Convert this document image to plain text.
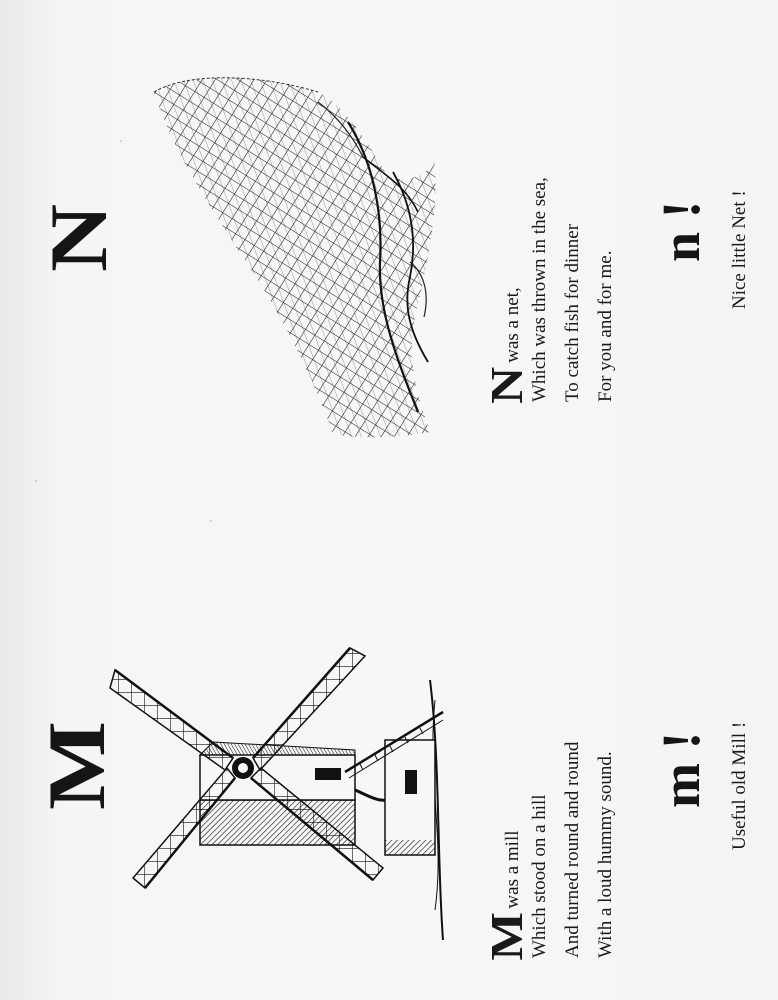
N
Nwas a net, Which was thrown in the sea, To catch fish for dinner For you and for me.
n ! Nice little Net !
M
Mwas a mill Which stood on a hill And turned round and round With a loud hummy sound. m ! Useful old Mill !
